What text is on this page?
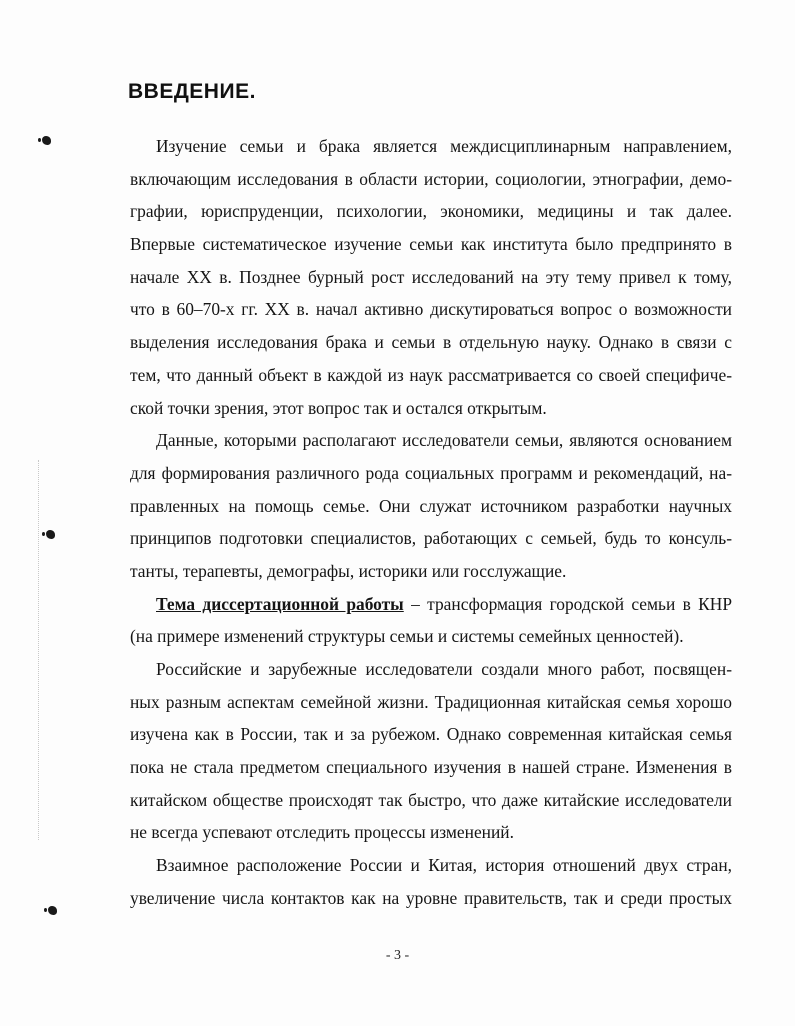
ВВЕДЕНИЕ.
Изучение семьи и брака является междисциплинарным направлением,
включающим исследования в области истории, социологии, этнографии, демо-
графии, юриспруденции, психологии, экономики, медицины и так далее.
Впервые систематическое изучение семьи как института было предпринято в
начале XX в. Позднее бурный рост исследований на эту тему привел к тому,
что в 60–70-х гг. XX в. начал активно дискутироваться вопрос о возможности
выделения исследования брака и семьи в отдельную науку. Однако в связи с
тем, что данный объект в каждой из наук рассматривается со своей специфиче-
ской точки зрения, этот вопрос так и остался открытым.
Данные, которыми располагают исследователи семьи, являются основанием
для формирования различного рода социальных программ и рекомендаций, на-
правленных на помощь семье. Они служат источником разработки научных
принципов подготовки специалистов, работающих с семьей, будь то консуль-
танты, терапевты, демографы, историки или госслужащие.
Тема диссертационной работы – трансформация городской семьи в КНР
(на примере изменений структуры семьи и системы семейных ценностей).
Российские и зарубежные исследователи создали много работ, посвящен-
ных разным аспектам семейной жизни. Традиционная китайская семья хорошо
изучена как в России, так и за рубежом. Однако современная китайская семья
пока не стала предметом специального изучения в нашей стране. Изменения в
китайском обществе происходят так быстро, что даже китайские исследователи
не всегда успевают отследить процессы изменений.
Взаимное расположение России и Китая, история отношений двух стран,
увеличение числа контактов как на уровне правительств, так и среди простых
- 3 -
